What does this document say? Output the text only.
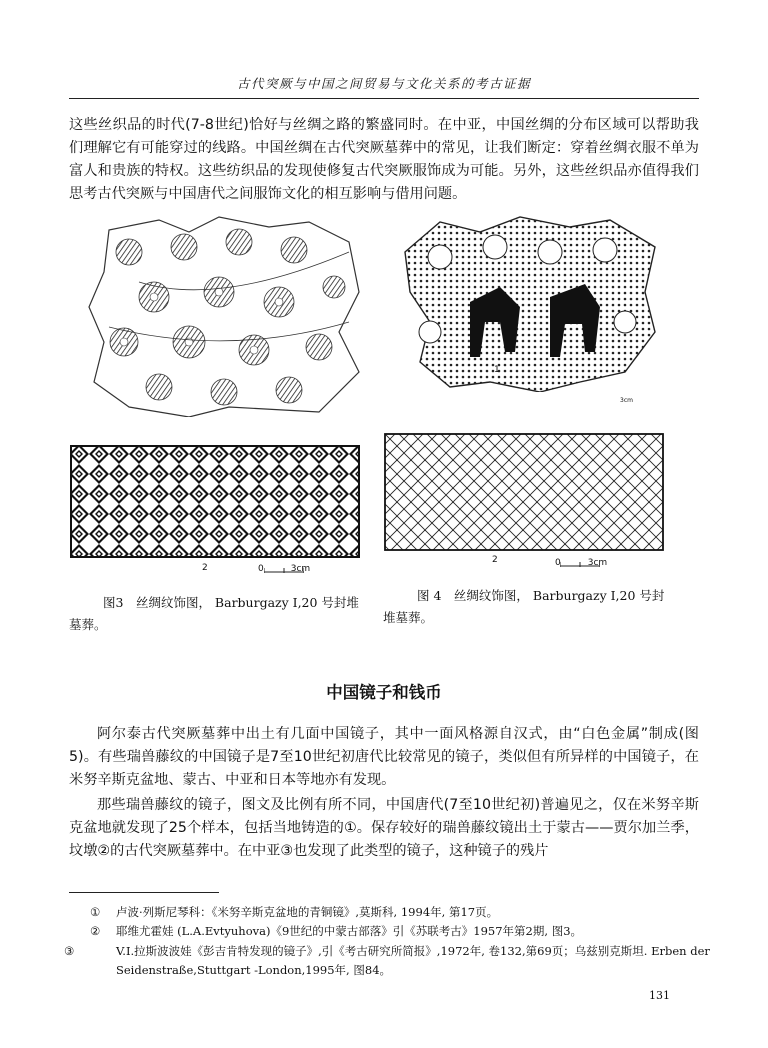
古代突厥与中国之间贸易与文化关系的考古证据
这些丝织品的时代(7-8世纪)恰好与丝绸之路的繁盛同时。在中亚，中国丝绸的分布区域可以帮助我们理解它有可能穿过的线路。中国丝绸在古代突厥墓葬中的常见，让我们断定：穿着丝绸衣服不单为富人和贵族的特权。这些纺织品的发现使修复古代突厥服饰成为可能。另外，这些丝织品亦值得我们思考古代突厥与中国唐代之间服饰文化的相互影响与借用问题。
2	0　　　3cm
1
3cm
2	0　　　3cm
图3　丝绸纹饰图， Barburgazy I,20 号封堆墓葬。
图 4　丝绸纹饰图， Barburgazy I,20 号封堆墓葬。
中国镜子和钱币
阿尔泰古代突厥墓葬中出土有几面中国镜子，其中一面风格源自汉式，由“白色金属”制成(图5)。有些瑞兽藤纹的中国镜子是7至10世纪初唐代比较常见的镜子，类似但有所异样的中国镜子，在米努辛斯克盆地、蒙古、中亚和日本等地亦有发现。
那些瑞兽藤纹的镜子，图文及比例有所不同，中国唐代(7至10世纪初)普遍见之，仅在米努辛斯克盆地就发现了25个样本，包括当地铸造的①。保存较好的瑞兽藤纹镜出土于蒙古——贾尔加兰季，坟墩②的古代突厥墓葬中。在中亚③也发现了此类型的镜子，这种镜子的残片
① 卢波·列斯尼琴科：《米努辛斯克盆地的青铜镜》,莫斯科, 1994年, 第17页。
② 耶维尤霍娃 (L.A.Evtyuhova)《9世纪的中蒙古部落》引《苏联考古》1957年第2期, 图3。
③	V.I.拉斯波波娃《彭吉肯特发现的镜子》,引《考古研究所简报》,1972年, 卷132,第69页；乌兹别克斯坦. Erben der Seidenstraße,Stuttgart -London,1995年, 图84。
131
